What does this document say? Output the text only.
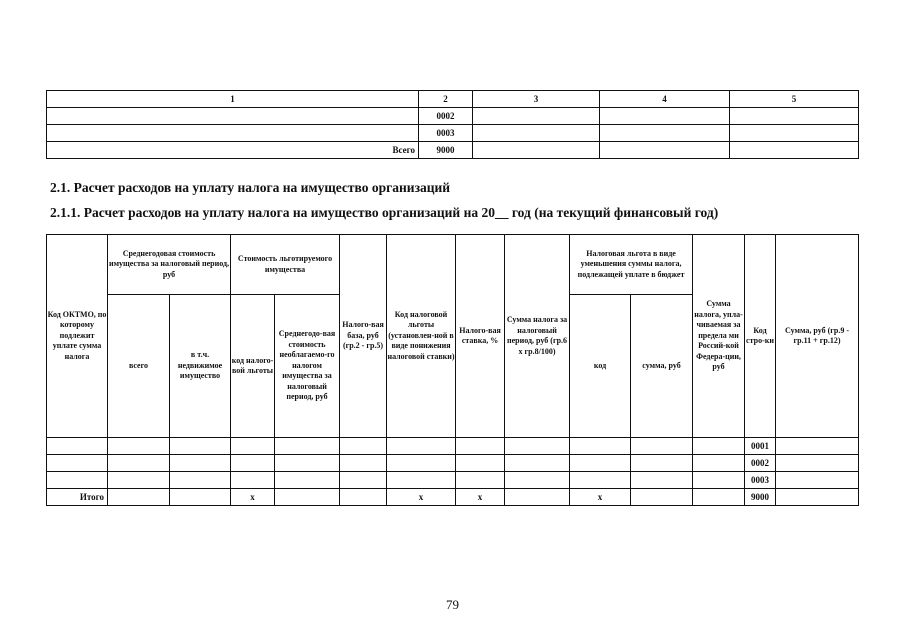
1	2	3	4	5
	0002			
	0003			
Всего	9000			
2.1. Расчет расходов на уплату налога на имущество организаций
2.1.1. Расчет расходов на уплату налога на имущество организаций на 20__ год (на текущий финансовый год)
Код ОКТМО, по которому подлежит уплате сумма налога	Среднегодовая стоимость имущества за налоговый период, руб		Стоимость льготируемого имущества		Налого-вая база, руб (гр.2 - гр.5)	Код налоговой льготы (установлен-ной в виде понижения налоговой ставки)	Налого-вая ставка, %	Сумма налога за налоговый период, руб (гр.6 x гр.8/100)	Налоговая льгота в виде уменьшения суммы налога, подлежащей уплате в бюджет		Сумма налога, упла-чиваемая за предела ми Россий-кой Федера-ции, руб	Код стро-ки	Сумма, руб (гр.9 - гр.11 + гр.12)
	всего	в т.ч. недвижимое имущество	код налого-вой льготы	Среднегодо-вая стоимость необлагаемо-го налогом имущества за налоговый период, руб					код	сумма, руб			
												0001	
												0002	
												0003	
Итого			x			x	x		x			9000	
79
